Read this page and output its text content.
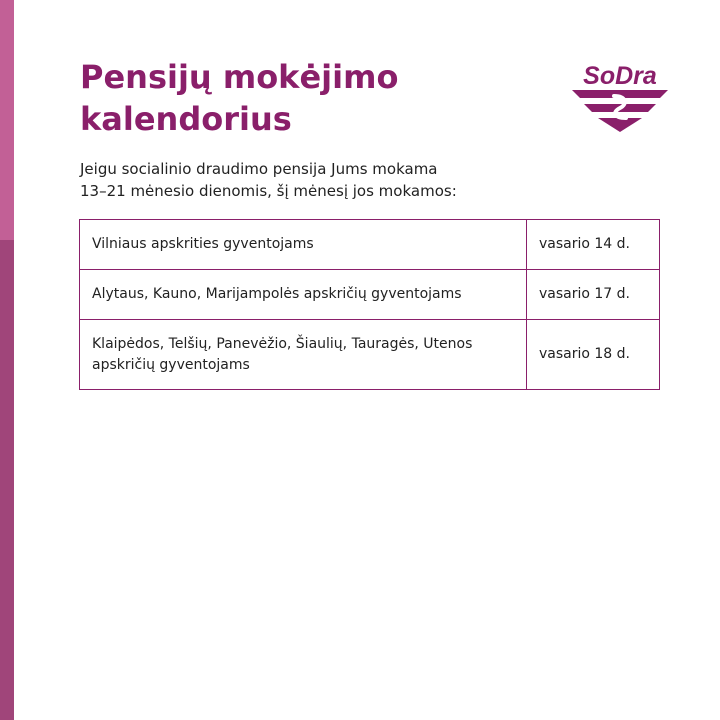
Pensijų mokėjimo
kalendorius
SoDra

Jeigu socialinio draudimo pensija Jums mokama
13–21 mėnesio dienomis, šį mėnesį jos mokamos:

Vilniaus apskrities gyventojams	vasario 14 d.
Alytaus, Kauno, Marijampolės apskričių gyventojams	vasario 17 d.

Klaipėdos, Telšių, Panevėžio, Šiaulių, Tauragės, Utenos
apskričių gyventojams	vasario 18 d.
